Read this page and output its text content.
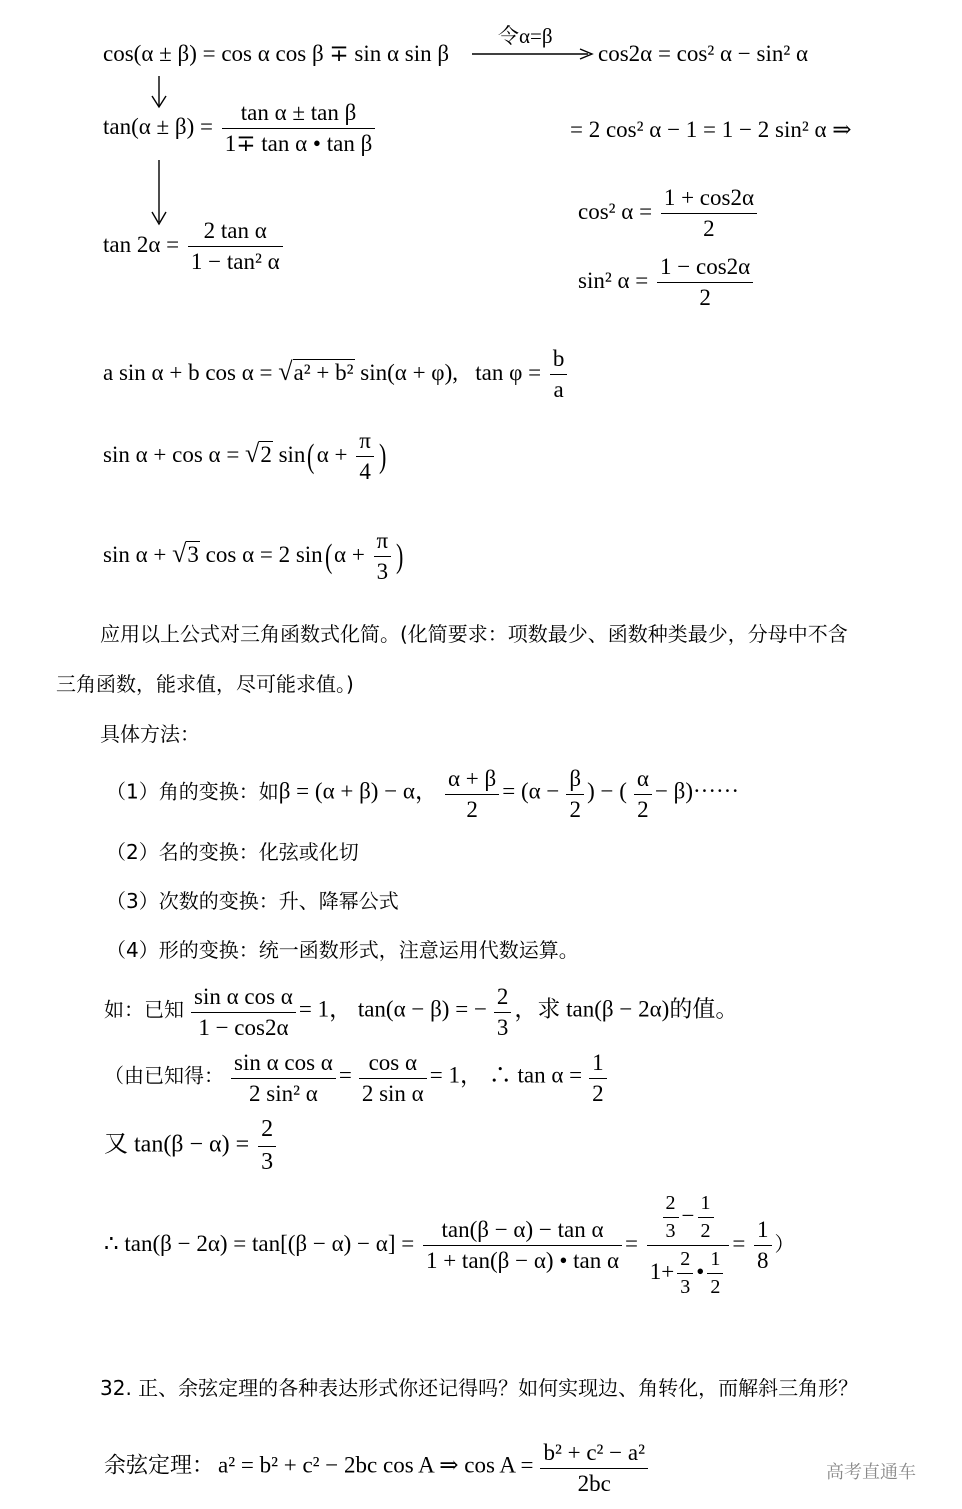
cos(α ± β) = cos α cos β ∓ sin α sin β
令α=β
cos2α = cos² α − sin² α
$\tan(\alpha \pm \beta) = \frac{\text{tan α ± tan β}}{\text{1∓ tan α • tan β}}$	= 2 cos² α − 1 = 1 − 2 sin² α ⇒
cos² $\alpha = \frac{1 + \cos 2\alpha}{2}$
$\tan 2\alpha = \frac{\text{2 tan α}}{\text{1 − tan² α}}$
sin² $\alpha = \frac{1 - \cos 2\alpha}{2}$
a sin α + b cos α = √a² + b² sin(α + φ), $\tan \varphi = \frac{b}{a}$
sin α + cos α = √2 $\sin(\alpha + \frac{\pi}{4}$ )
sin α + √3 cos α = 2 $\sin(\alpha + \frac{\pi}{3}$ )
应用以上公式对三角函数式化简。(化简要求：项数最少、函数种类最少，分母中不含
三角函数，能求值，尽可能求值。)
具体方法：
（1）角的变换：如β = (α + β) − α， $\frac{\alpha + \beta}{2} = (\alpha - \frac{\beta}{2}$ ) − ( $\frac{\alpha}{2} - \beta)\cdot\cdot\cdot\cdot\cdot\cdot$
（2）名的变换：化弦或化切
（3）次数的变换：升、降幂公式
（4）形的变换：统一函数形式，注意运用代数运算。
如：已知 $\frac{\text{sin α cos α}}{1 - \cos 2\alpha} = 1$， tan(α − β) = − $\frac{2}{3}$ ，求 tan(β − 2α)的值。
（由已知得： $\frac{\text{sin α cos α}}{\text{2 sin² α}} = \frac{\text{cos α}}{\text{2 sin α}} = 1$， ∴ $\tan \alpha = \frac{1}{2}$
又 $\tan(\beta - \alpha) = \frac{2}{3}$
∴ $\tan(\beta - 2\alpha) = \tan[(\beta - \alpha) - \alpha] = \frac{\text{tan(β − α) − tan α}}{\text{1 + tan(β − α) • tan α}} = \frac{\frac{2}{3} - \frac{1}{2}}{1+ \frac{2}{3} • \frac{1}{2}} = \frac{1}{8}$ ）
32. 正、余弦定理的各种表达形式你还记得吗？如何实现边、角转化，而解斜三角形？
余弦定理： a² = b² + c² − 2bc cos A ⇒ $\cos A = \frac{\text{b² + c² − a²}}{2bc}$	高考直通车
